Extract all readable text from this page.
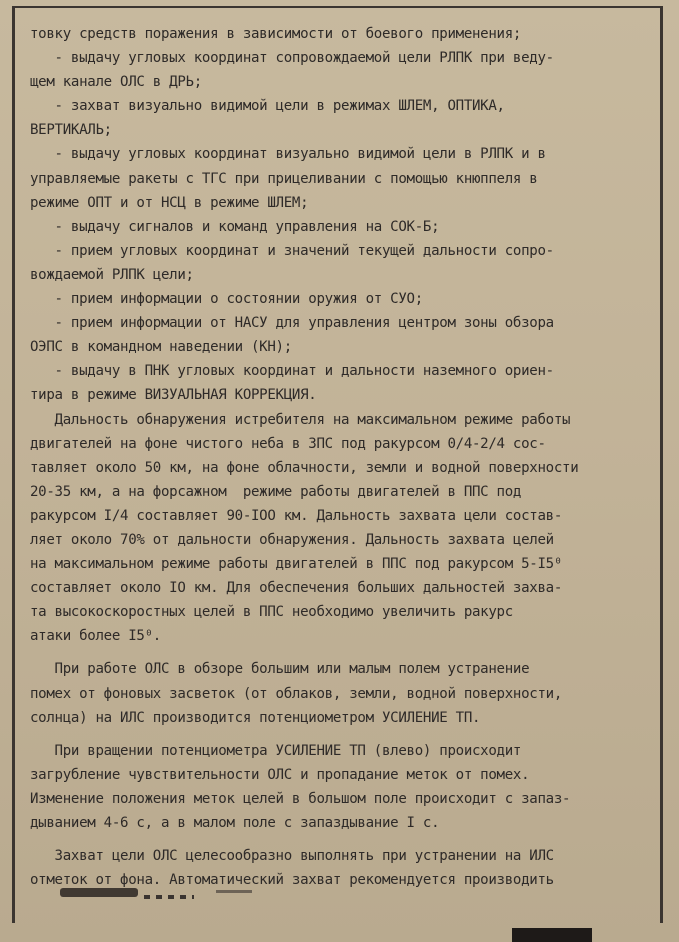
товку средств поражения в зависимости от боевого применения;
- выдачу угловых координат сопровождаемой цели РЛПК при веду-
щем канале ОЛС в ДРЬ;
- захват визуально видимой цели в режимах ШЛЕМ, ОПТИКА,
ВЕРТИКАЛЬ;
- выдачу угловых координат визуально видимой цели в РЛПК и в
управляемые ракеты с ТГС при прицеливании с помощью кнюппеля в
режиме ОПТ и от НСЦ в режиме ШЛЕМ;
- выдачу сигналов и команд управления на СОК-Б;
- прием угловых координат и значений текущей дальности сопро-
вождаемой РЛПК цели;
- прием информации о состоянии оружия от СУО;
- прием информации от НАСУ для управления центром зоны обзора
ОЭПС в командном наведении (КН);
- выдачу в ПНК угловых координат и дальности наземного ориен-
тира в режиме ВИЗУАЛЬНАЯ КОРРЕКЦИЯ.
Дальность обнаружения истребителя на максимальном режиме работы
двигателей на фоне чистого неба в ЗПС под ракурсом 0/4-2/4 сос-
тавляет около 50 км, на фоне облачности, земли и водной поверхности
20-35 км, а на форсажном  режиме работы двигателей в ППС под
ракурсом I/4 составляет 90-IОО км. Дальность захвата цели состав-
ляет около 70% от дальности обнаружения. Дальность захвата целей
на максимальном режиме работы двигателей в ППС под ракурсом 5-I5⁰
составляет около IО км. Для обеспечения больших дальностей захва-
та высокоскоростных целей в ППС необходимо увеличить ракурс
атаки более I5⁰.
При работе ОЛС в обзоре большим или малым полем устранение
помех от фоновых засветок (от облаков, земли, водной поверхности,
солнца) на ИЛС производится потенциометром УСИЛЕНИЕ ТП.
При вращении потенциометра УСИЛЕНИЕ ТП (влево) происходит
загрубление чувствительности ОЛС и пропадание меток от помех.
Изменение положения меток целей в большом поле происходит с запаз-
дыванием 4-6 с, а в малом поле с запаздывание I с.
Захват цели ОЛС целесообразно выполнять при устранении на ИЛС
отметок от фона. Автоматический захват рекомендуется производить
